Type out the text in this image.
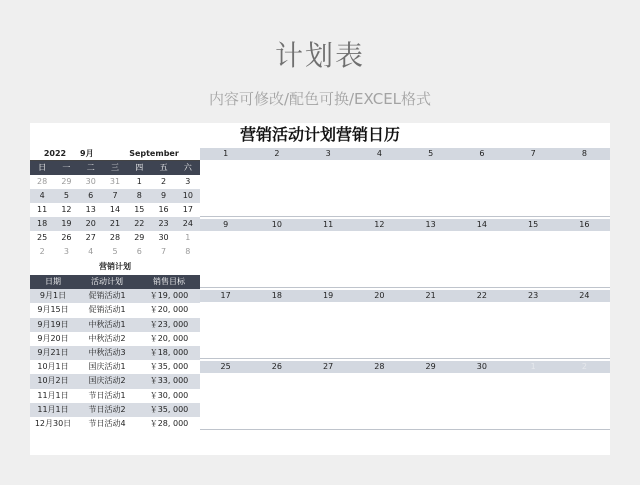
计划表
内容可修改/配色可换/EXCEL格式
营销活动计划营销日历
2022	9月	September
日	一	二	三	四	五	六
28	29	30	31	1	2	3
4	5	6	7	8	9	10
11	12	13	14	15	16	17
18	19	20	21	22	23	24
25	26	27	28	29	30	1
2	3	4	5	6	7	8
营销计划
日期	活动计划	销售目标
9月1日	促销活动1	￥19, 000
9月15日	促销活动1	￥20, 000
9月19日	中秋活动1	￥23, 000
9月20日	中秋活动2	￥20, 000
9月21日	中秋活动3	￥18, 000
10月1日	国庆活动1	￥35, 000
10月2日	国庆活动2	￥33, 000
11月1日	节日活动1	￥30, 000
11月1日	节日活动2	￥35, 000
12月30日	节日活动4	￥28, 000
1	2	3	4	5	6	7	8
9	10	11	12	13	14	15	16
17	18	19	20	21	22	23	24
25	26	27	28	29	30	1	2
